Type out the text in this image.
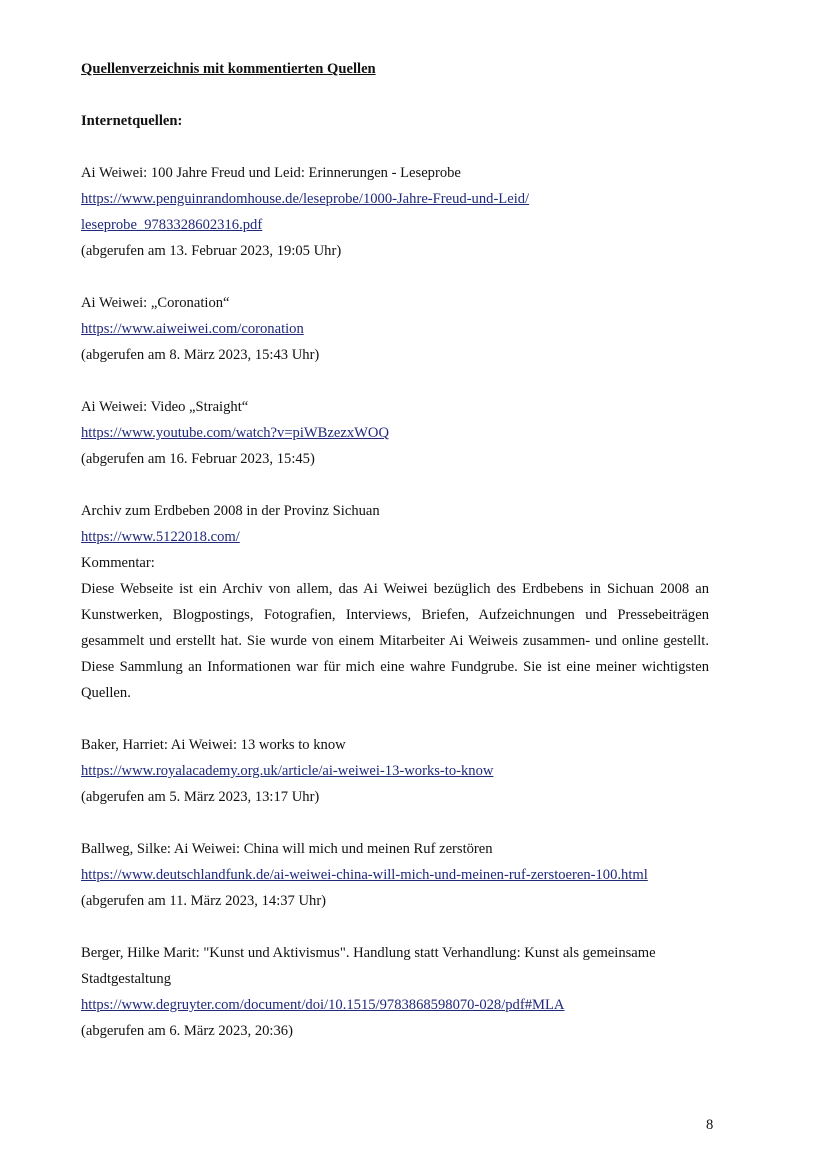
Quellenverzeichnis mit kommentierten Quellen

Internetquellen:

Ai Weiwei: 100 Jahre Freud und Leid: Erinnerungen - Leseprobe
https://www.penguinrandomhouse.de/leseprobe/1000-Jahre-Freud-und-Leid/
leseprobe_9783328602316.pdf
(abgerufen am 13. Februar 2023, 19:05 Uhr)
Ai Weiwei: „Coronation“
https://www.aiweiwei.com/coronation
(abgerufen am 8. März 2023, 15:43 Uhr)
Ai Weiwei: Video „Straight“
https://www.youtube.com/watch?v=piWBzezxWOQ
(abgerufen am 16. Februar 2023, 15:45)
Archiv zum Erdbeben 2008 in der Provinz Sichuan
https://www.5122018.com/
Kommentar:
Diese Webseite ist ein Archiv von allem, das Ai Weiwei bezüglich des Erdbebens in Sichuan 2008 an Kunstwerken, Blogpostings, Fotografien, Interviews, Briefen, Aufzeichnungen und Pressebeiträgen gesammelt und erstellt hat. Sie wurde von einem Mitarbeiter Ai Weiweis zusammen- und online gestellt. Diese Sammlung an Informationen war für mich eine wahre Fundgrube. Sie ist eine meiner wichtigsten Quellen.
Baker, Harriet: Ai Weiwei: 13 works to know
https://www.royalacademy.org.uk/article/ai-weiwei-13-works-to-know
(abgerufen am 5. März 2023, 13:17 Uhr)
Ballweg, Silke: Ai Weiwei: China will mich und meinen Ruf zerstören
https://www.deutschlandfunk.de/ai-weiwei-china-will-mich-und-meinen-ruf-zerstoeren-100.html
(abgerufen am 11. März 2023, 14:37 Uhr)
Berger, Hilke Marit: "Kunst und Aktivismus". Handlung statt Verhandlung: Kunst als gemeinsame
Stadtgestaltung
https://www.degruyter.com/document/doi/10.1515/9783868598070-028/pdf#MLA
(abgerufen am 6. März 2023, 20:36)
8
